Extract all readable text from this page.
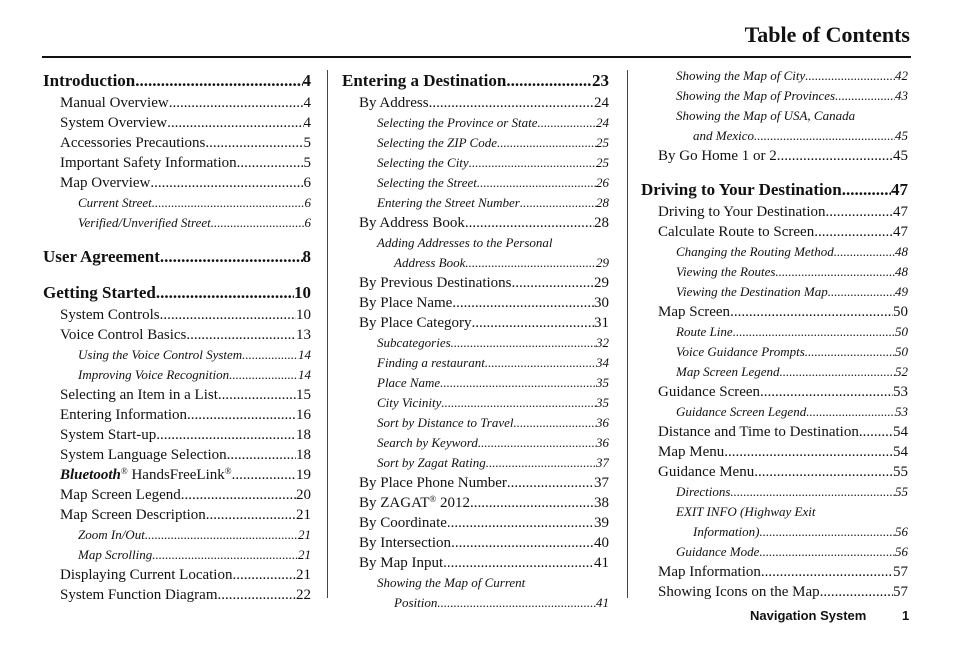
Table of Contents
Introduction .....	4
Manual Overview .....	4
System Overview .....	4
Accessories Precautions .....	5
Important Safety Information .....	5
Map Overview .....	6
Current Street .....	6
Verified/Unverified Street .....	6
User Agreement .....	8
Getting Started .....	10
System Controls .....	10
Voice Control Basics .....	13
Using the Voice Control System .....	14
Improving Voice Recognition .....	14
Selecting an Item in a List .....	15
Entering Information .....	16
System Start-up .....	18
System Language Selection .....	18
Bluetooth® HandsFreeLink® .....	19
Map Screen Legend .....	20
Map Screen Description .....	21
Zoom In/Out .....	21
Map Scrolling .....	21
Displaying Current Location .....	21
System Function Diagram .....	22
Entering a Destination .....	23
By Address .....	24
Selecting the Province or State .....	24
Selecting the ZIP Code .....	25
Selecting the City .....	25
Selecting the Street .....	26
Entering the Street Number .....	28
By Address Book .....	28
Adding Addresses to the Personal
Address Book .....	29
By Previous Destinations .....	29
By Place Name .....	30
By Place Category .....	31
Subcategories .....	32
Finding a restaurant .....	34
Place Name .....	35
City Vicinity .....	35
Sort by Distance to Travel .....	36
Search by Keyword .....	36
Sort by Zagat Rating .....	37
By Place Phone Number .....	37
By ZAGAT® 2012 .....	38
By Coordinate .....	39
By Intersection .....	40
By Map Input .....	41
Showing the Map of Current
Position .....	41
Showing the Map of City .....	42
Showing the Map of Provinces .....	43
Showing the Map of USA, Canada
and Mexico .....	45
By Go Home 1 or 2 .....	45
Driving to Your Destination .....	47
Driving to Your Destination .....	47
Calculate Route to Screen .....	47
Changing the Routing Method .....	48
Viewing the Routes .....	48
Viewing the Destination Map .....	49
Map Screen .....	50
Route Line .....	50
Voice Guidance Prompts .....	50
Map Screen Legend .....	52
Guidance Screen .....	53
Guidance Screen Legend .....	53
Distance and Time to Destination ..... 54
Map Menu .....	54
Guidance Menu .....	55
Directions .....	55
EXIT INFO (Highway Exit
Information) .....	56
Guidance Mode .....	56
Map Information .....	57
Showing Icons on the Map .....	57
Navigation System	1
